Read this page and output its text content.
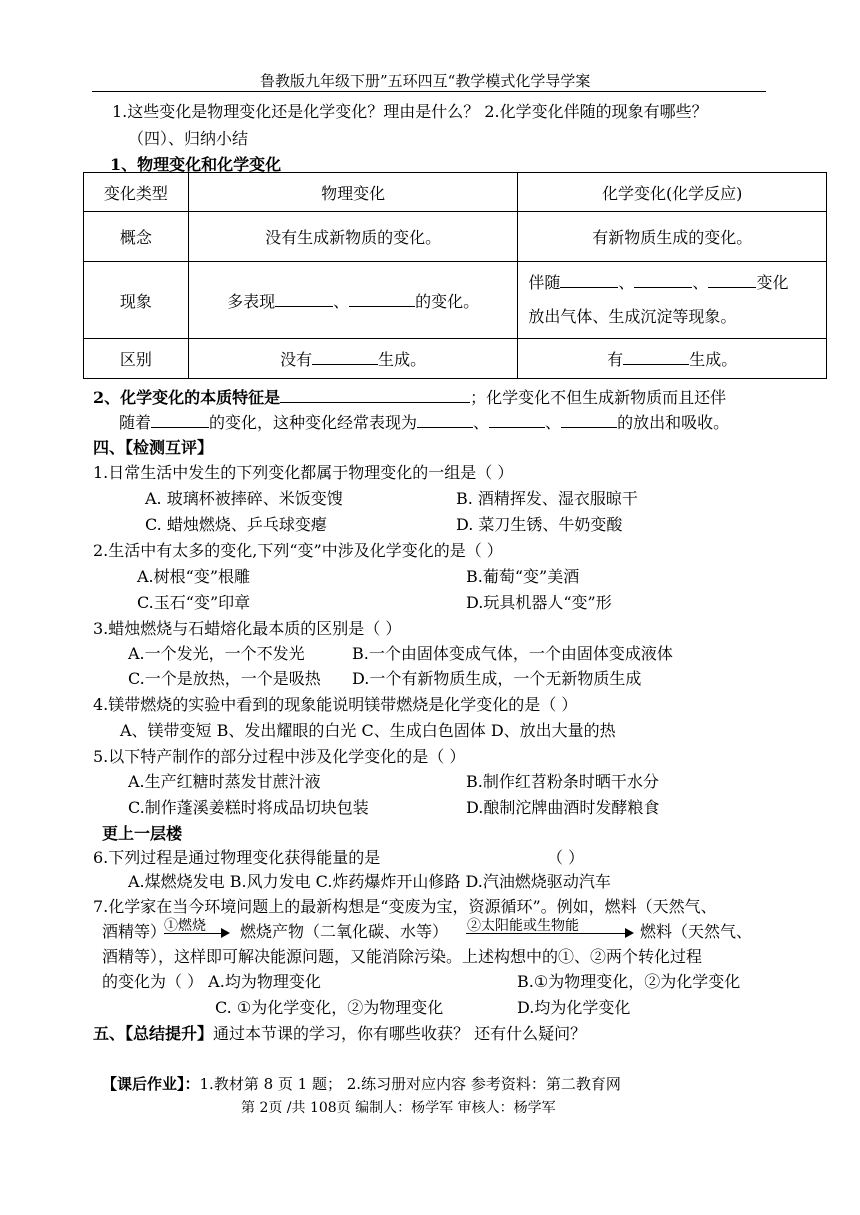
鲁教版九年级下册”五环四互“教学模式化学导学案
1.这些变化是物理变化还是化学变化？理由是什么？ 2.化学变化伴随的现象有哪些？
（四）、归纳小结
1、物理变化和化学变化
变化类型	物理变化	化学变化(化学反应)
概念	没有生成新物质的变化。	有新物质生成的变化。
现象	多表现 、 的变化。	伴随 、 、 变化
放出气体、生成沉淀等现象。
区别	没有 生成。	有 生成。
2、化学变化的本质特征是	；化学变化不但生成新物质而且还伴
随着	的变化，这种变化经常表现为	、	、	的放出和吸收。
四、【检测互评】
1.日常生活中发生的下列变化都属于物理变化的一组是（ ）
A. 玻璃杯被摔碎、米饭变馊	B. 酒精挥发、湿衣服晾干
C. 蜡烛燃烧、乒乓球变瘪	D. 菜刀生锈、牛奶变酸
2.生活中有太多的变化,下列“变”中涉及化学变化的是（ ）
A.树根“变”根雕	B.葡萄“变”美酒
C.玉石“变”印章	D.玩具机器人“变”形
3.蜡烛燃烧与石蜡熔化最本质的区别是（ ）
A.一个发光，一个不发光	B.一个由固体变成气体，一个由固体变成液体
C.一个是放热，一个是吸热 D.一个有新物质生成，一个无新物质生成
4.镁带燃烧的实验中看到的现象能说明镁带燃烧是化学变化的是（ ）
A、镁带变短 B、发出耀眼的白光 C、生成白色固体 D、放出大量的热
5.以下特产制作的部分过程中涉及化学变化的是（ ）
A.生产红糖时蒸发甘蔗汁液	B.制作红苕粉条时晒干水分
C.制作蓬溪姜糕时将成品切块包装	D.酿制沱牌曲酒时发酵粮食
更上一层楼
6.下列过程是通过物理变化获得能量的是	（ ）
A.煤燃烧发电 B.风力发电 C.炸药爆炸开山修路 D.汽油燃烧驱动汽车
7.化学家在当今环境问题上的最新构想是“变废为宝，资源循环”。例如，燃料（天然气、
酒精等）
①燃烧 燃烧产物（二氧化碳、水等） ②太阳能或生物能	燃料（天然气、
酒精等），这样即可解决能源问题，又能消除污染。上述构想中的①、②两个转化过程
的变化为（ ） A.均为物理变化	B.①为物理变化，②为化学变化
C. ①为化学变化，②为物理变化	D.均为化学变化
五、【总结提升】通过本节课的学习，你有哪些收获？ 还有什么疑问？
【课后作业】：1.教材第 8 页 1 题； 2.练习册对应内容 参考资料：第二教育网
第 2页 /共 108页 编制人：杨学军 审核人：杨学军
